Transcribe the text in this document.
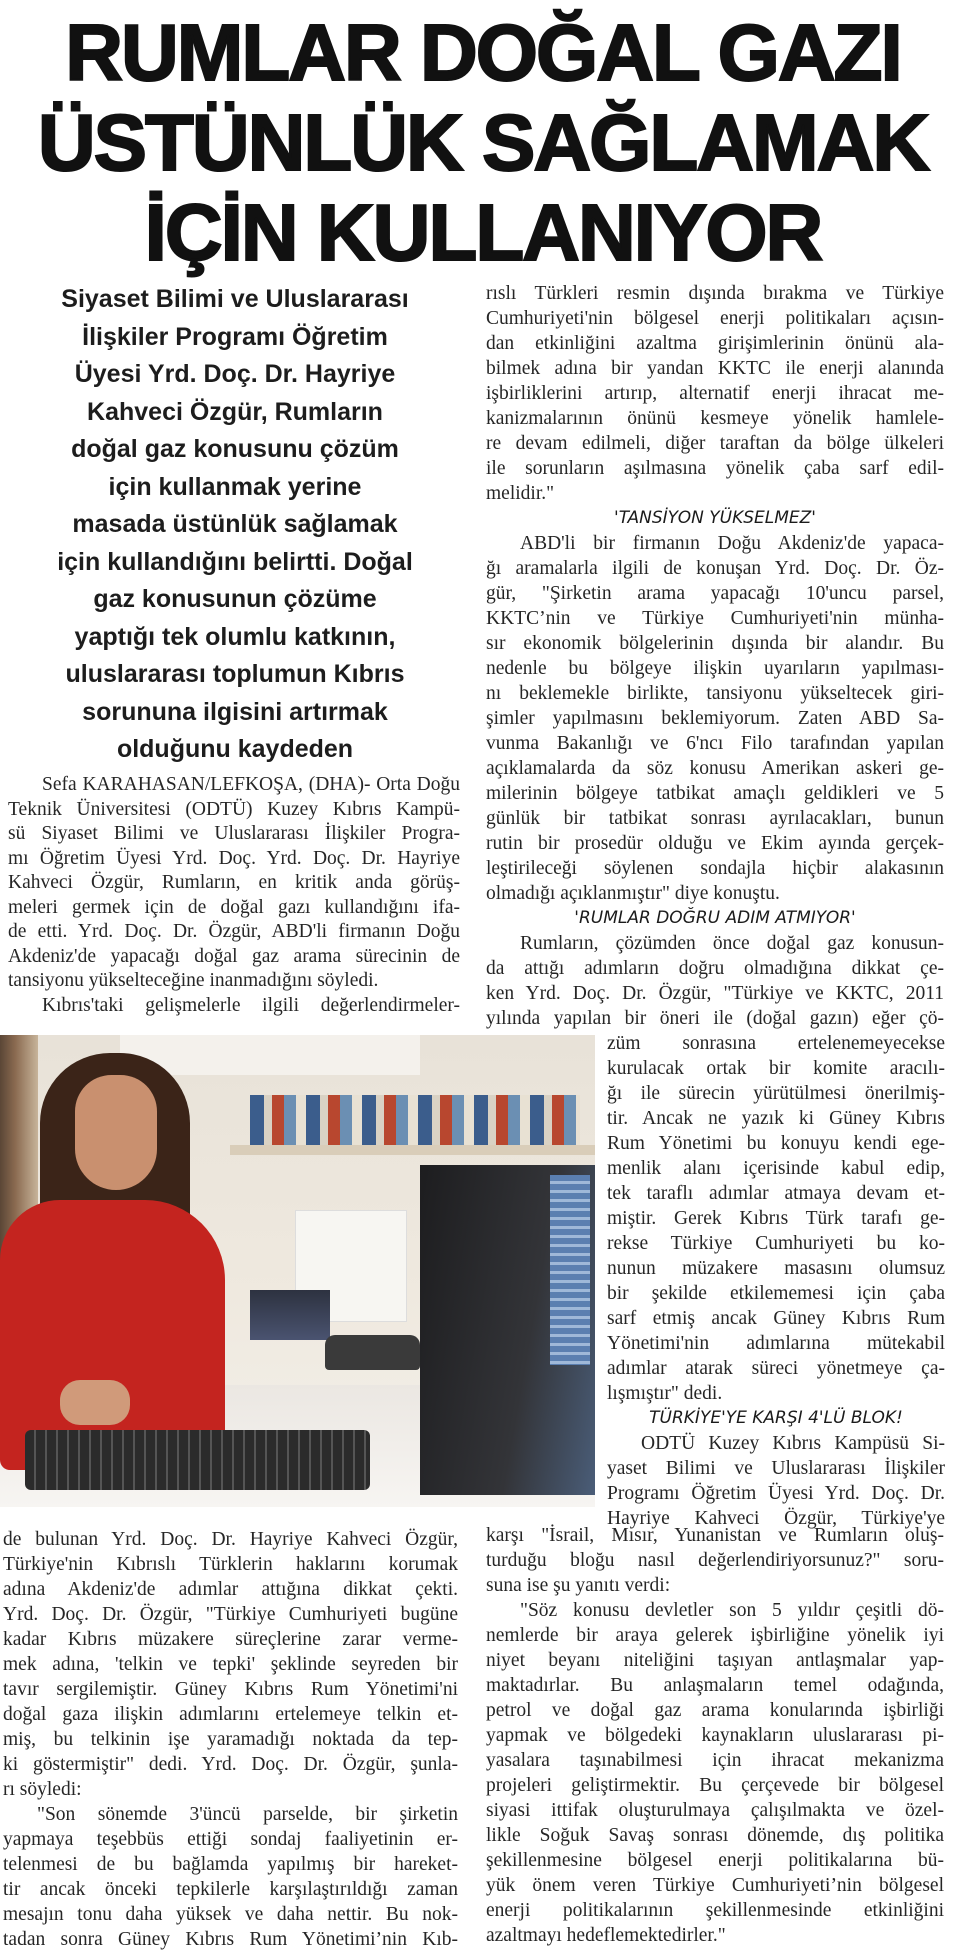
RUMLAR DOĞAL GAZI
ÜSTÜNLÜK SAĞLAMAK
İÇİN KULLANIYOR
Siyaset Bilimi ve Uluslararası
İlişkiler Programı Öğretim
Üyesi Yrd. Doç. Dr. Hayriye
Kahveci Özgür, Rumların
doğal gaz konusunu çözüm
için kullanmak yerine
masada üstünlük sağlamak
için kullandığını belirtti. Doğal
gaz konusunun çözüme
yaptığı tek olumlu katkının,
uluslararası toplumun Kıbrıs
sorununa ilgisini artırmak
olduğunu kaydeden
Sefa KARAHASAN/LEFKOŞA, (DHA)- Orta Doğu
Teknik Üniversitesi (ODTÜ) Kuzey Kıbrıs Kampü-
sü Siyaset Bilimi ve Uluslararası İlişkiler Progra-
mı Öğretim Üyesi Yrd. Doç. Yrd. Doç. Dr. Hayriye
Kahveci Özgür, Rumların, en kritik anda görüş-
meleri germek için de doğal gazı kullandığını ifa-
de etti. Yrd. Doç. Dr. Özgür, ABD'li firmanın Doğu
Akdeniz'de yapacağı doğal gaz arama sürecinin de
tansiyonu yükselteceğine inanmadığını söyledi.
Kıbrıs'taki gelişmelerle ilgili değerlendirmeler-
de bulunan Yrd. Doç. Dr. Hayriye Kahveci Özgür,
Türkiye'nin Kıbrıslı Türklerin haklarını korumak
adına Akdeniz'de adımlar attığına dikkat çekti.
Yrd. Doç. Dr. Özgür, "Türkiye Cumhuriyeti bugüne
kadar Kıbrıs müzakere süreçlerine zarar verme-
mek adına, 'telkin ve tepki' şeklinde seyreden bir
tavır sergilemiştir. Güney Kıbrıs Rum Yönetimi'ni
doğal gaza ilişkin adımlarını ertelemeye telkin et-
miş, bu telkinin işe yaramadığı noktada da tep-
ki göstermiştir" dedi. Yrd. Doç. Dr. Özgür, şunla-
rı söyledi:
"Son sönemde 3'üncü parselde, bir şirketin
yapmaya teşebbüs ettiği sondaj faaliyetinin er-
telenmesi de bu bağlamda yapılmış bir hareket-
tir ancak önceki tepkilerle karşılaştırıldığı zaman
mesajın tonu daha yüksek ve daha nettir. Bu nok-
tadan sonra Güney Kıbrıs Rum Yönetimi’nin Kıb-
rıslı Türkleri resmin dışında bırakma ve Türkiye
Cumhuriyeti'nin bölgesel enerji politikaları açısın-
dan etkinliğini azaltma girişimlerinin önünü ala-
bilmek adına bir yandan KKTC ile enerji alanında
işbirliklerini artırıp, alternatif enerji ihracat me-
kanizmalarının önünü kesmeye yönelik hamlele-
re devam edilmeli, diğer taraftan da bölge ülkeleri
ile sorunların aşılmasına yönelik çaba sarf edil-
melidir."
'TANSİYON YÜKSELMEZ'
ABD'li bir firmanın Doğu Akdeniz'de yapaca-
ğı aramalarla ilgili de konuşan Yrd. Doç. Dr. Öz-
gür, "Şirketin arama yapacağı 10'uncu parsel,
KKTC’nin ve Türkiye Cumhuriyeti'nin münha-
sır ekonomik bölgelerinin dışında bir alandır. Bu
nedenle bu bölgeye ilişkin uyarıların yapılması-
nı beklemekle birlikte, tansiyonu yükseltecek giri-
şimler yapılmasını beklemiyorum. Zaten ABD Sa-
vunma Bakanlığı ve 6'ncı Filo tarafından yapılan
açıklamalarda da söz konusu Amerikan askeri ge-
milerinin bölgeye tatbikat amaçlı geldikleri ve 5
günlük bir tatbikat sonrası ayrılacakları, bunun
rutin bir prosedür olduğu ve Ekim ayında gerçek-
leştirileceği söylenen sondajla hiçbir alakasının
olmadığı açıklanmıştır" diye konuştu.
'RUMLAR DOĞRU ADIM ATMIYOR'
Rumların, çözümden önce doğal gaz konusun-
da attığı adımların doğru olmadığına dikkat çe-
ken Yrd. Doç. Dr. Özgür, "Türkiye ve KKTC, 2011
yılında yapılan bir öneri ile (doğal gazın) eğer çö-
züm sonrasına ertelenemeyecekse
kurulacak ortak bir komite aracılı-
ğı ile sürecin yürütülmesi önerilmiş-
tir. Ancak ne yazık ki Güney Kıbrıs
Rum Yönetimi bu konuyu kendi ege-
menlik alanı içerisinde kabul edip,
tek taraflı adımlar atmaya devam et-
miştir. Gerek Kıbrıs Türk tarafı ge-
rekse Türkiye Cumhuriyeti bu ko-
nunun müzakere masasını olumsuz
bir şekilde etkilememesi için çaba
sarf etmiş ancak Güney Kıbrıs Rum
Yönetimi'nin adımlarına mütekabil
adımlar atarak süreci yönetmeye ça-
lışmıştır" dedi.
TÜRKİYE'YE KARŞI 4'LÜ BLOK!
ODTÜ Kuzey Kıbrıs Kampüsü Si-
yaset Bilimi ve Uluslararası İlişkiler
Programı Öğretim Üyesi Yrd. Doç. Dr.
Hayriye Kahveci Özgür, Türkiye'ye
karşı "İsrail, Mısır, Yunanistan ve Rumların oluş-
turduğu bloğu nasıl değerlendiriyorsunuz?" soru-
suna ise şu yanıtı verdi:
"Söz konusu devletler son 5 yıldır çeşitli dö-
nemlerde bir araya gelerek işbirliğine yönelik iyi
niyet beyanı niteliğini taşıyan antlaşmalar yap-
maktadırlar. Bu anlaşmaların temel odağında,
petrol ve doğal gaz arama konularında işbirliği
yapmak ve bölgedeki kaynakların uluslararası pi-
yasalara taşınabilmesi için ihracat mekanizma
projeleri geliştirmektir. Bu çerçevede bir bölgesel
siyasi ittifak oluşturulmaya çalışılmakta ve özel-
likle Soğuk Savaş sonrası dönemde, dış politika
şekillenmesine bölgesel enerji politikalarına bü-
yük önem veren Türkiye Cumhuriyeti’nin bölgesel
enerji politikalarının şekillenmesinde etkinliğini
azaltmayı hedeflemektedirler."
